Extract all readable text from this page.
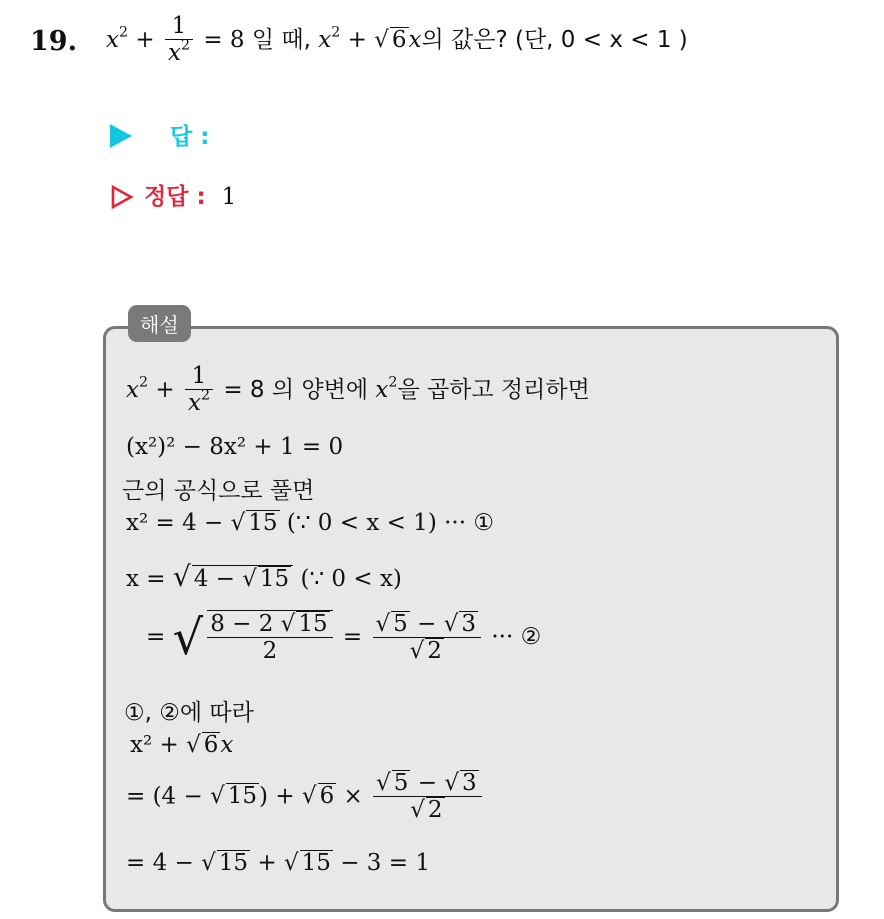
19. $x^2 + \frac{1}{x^2} = 8$ 일 때, $x^2$ + √ 6x의 값은? (단, 0 < x < 1 )
답 :
정답 : 1
해설
$x^2 + \frac{1}{x^2} = 8$ 의 양변에 $x^2$을 곱하고 정리하면
(x²)² − 8x² + 1 = 0
근의 공식으로 풀면
x² = 4 − √ 15 (∵ 0 < x < 1) ··· ①
x = √ 4 − √ 15 (∵ 0 < x)
= √ $\frac{8 - 2 √ 15}{2} = \frac{√ 5 - √ 3}{√ 2}$ ··· ②
①, ②에 따라
x² + √ 6x
= (4 − √ 15) + √ $6 \times \frac{√ 5 - √ 3}{√ 2}$
= 4 − √ 15 + √ 15 − 3 = 1
